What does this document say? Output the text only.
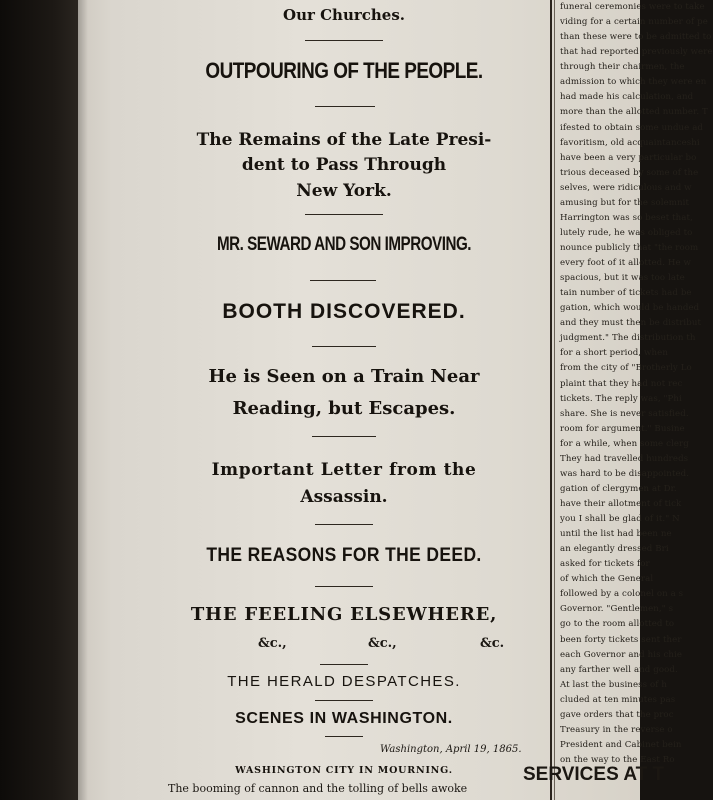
Our Churches.
OUTPOURING OF THE PEOPLE.
The Remains of the Late Presi-
dent to Pass Through
New York.
MR. SEWARD AND SON IMPROVING.
BOOTH DISCOVERED.
He is Seen on a Train Near
Reading, but Escapes.
Important Letter from the
Assassin.
THE REASONS FOR THE DEED.
THE FEELING ELSEWHERE,
&c.,	&c.,	&c.
THE HERALD DESPATCHES.
SCENES IN WASHINGTON.
Washington, April 19, 1865.
WASHINGTON CITY IN MOURNING.
The booming of cannon and the tolling of bells awoke
funeral ceremonies were to take
viding for a certain number of pe
than these were to be admitted to
that had reported previously were
through their chairmen, the
admission to which they were en
had made his calculation, and
more than the allotted number. T
ifested to obtain some undue ad
favoritism, old acquaintanceshi
have been a very particular bo
trious deceased by some of the
selves, were ridiculous and w
amusing but for the solemnit
Harrington was so beset that,
lutely rude, he was obliged to
nounce publicly that "the room
every foot of it allotted. He w
spacious, but it was too late
tain number of tickets had be
gation, which would be handed
and they must then be distribut
judgment." The distribution th
for a short period, when
from the city of "Brotherly Lo
plaint that they had not rec
tickets. The reply was, "Phi
share. She is never satisfied.
room for argument." Busine
for a while, when some clerg
They had travelled hundreds
was hard to be disappointed.
gation of clergymen at Dr.
have their allotment of tick
you I shall be glad of it." N
until the list had been ne
an elegantly dressed Bri
asked for tickets for
of which the General
followed by a colonel on a s
Governor. "Gentlemen," s
go to the room allotted to
been forty tickets sent ther
each Governor and his chie
any farther well and good.
At last the business of h
cluded at ten minutes pas
gave orders that the proc
Treasury in the reverse o
President and Cabinet bein
on the way to the East Ro
SERVICES AT T
